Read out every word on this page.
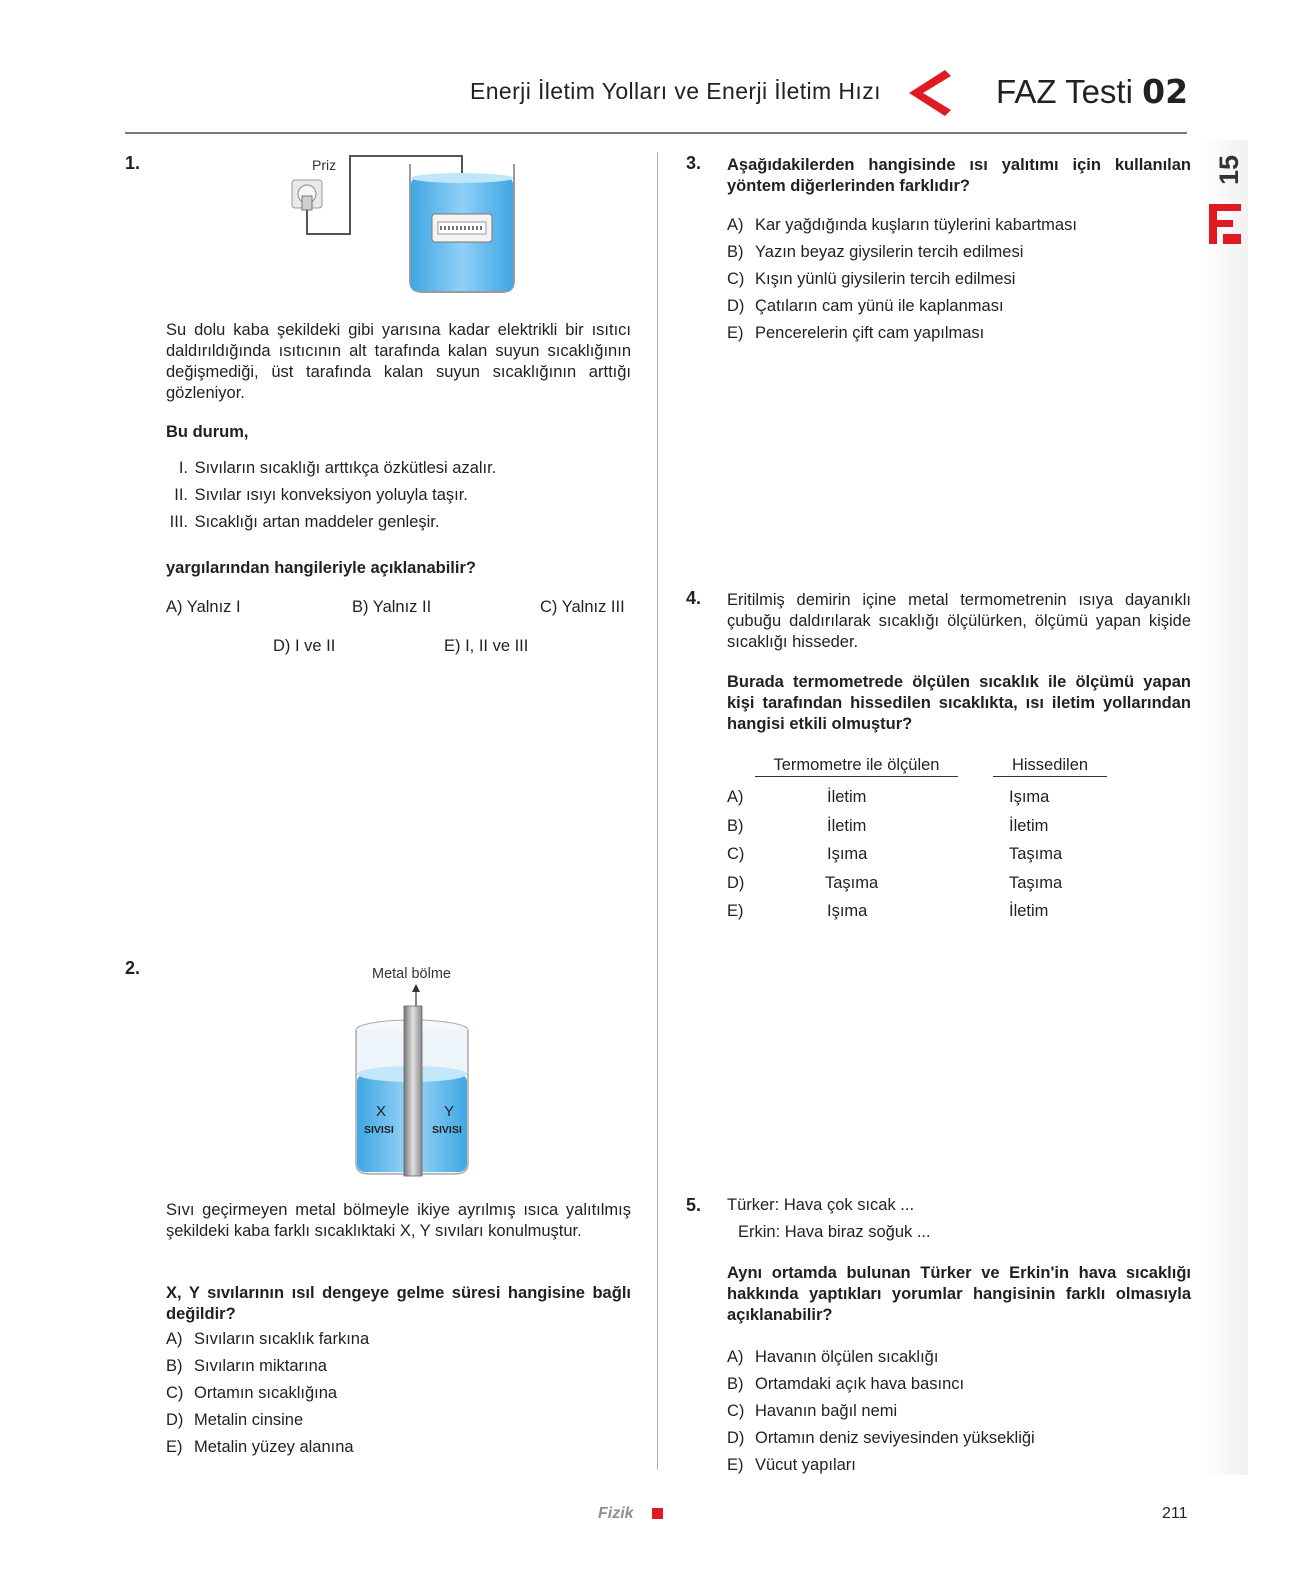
15
Enerji İletim Yolları ve Enerji İletim Hızı	FAZ Testi 02
1.	Priz

Su dolu kaba şekildeki gibi yarısına kadar elektrikli bir ısıtıcı daldırıldığında ısıtıcının alt tarafında kalan suyun sıcaklığının değişmediği, üst tarafında kalan suyun sıcaklığının arttığı gözleniyor.

Bu durum,
I. Sıvıların sıcaklığı arttıkça özkütlesi azalır.
II. Sıvılar ısıyı konveksiyon yoluyla taşır.
III. Sıcaklığı artan maddeler genleşir.
yargılarından hangileriyle açıklanabilir?
A) Yalnız I	B) Yalnız II	C) Yalnız III
D) I ve II	E) I, II ve III
2.	Metal bölme
X
SIVISI
Y
SIVISI

Sıvı geçirmeyen metal bölmeyle ikiye ayrılmış ısıca yalıtılmış şekildeki kaba farklı sıcaklıktaki X, Y sıvıları konulmuştur.

X, Y sıvılarının ısıl dengeye gelme süresi hangisine bağlı değildir?

A) Sıvıların sıcaklık farkına
B) Sıvıların miktarına
C) Ortamın sıcaklığına
D) Metalin cinsine
E) Metalin yüzey alanına
3. Aşağıdakilerden hangisinde ısı yalıtımı için kullanılan yöntem diğerlerinden farklıdır?

A) Kar yağdığında kuşların tüylerini kabartması
B) Yazın beyaz giysilerin tercih edilmesi
C) Kışın yünlü giysilerin tercih edilmesi
D) Çatıların cam yünü ile kaplanması
E) Pencerelerin çift cam yapılması
4. Eritilmiş demirin içine metal termometrenin ısıya dayanıklı çubuğu daldırılarak sıcaklığı ölçülürken, ölçümü yapan kişide sıcaklığı hisseder.

Burada termometrede ölçülen sıcaklık ile ölçümü yapan kişi tarafından hissedilen sıcaklıkta, ısı iletim yollarından hangisi etkili olmuştur?

Termometre ile ölçülen	Hissedilen
A)	İletim	Işıma
B)	İletim	İletim
C)	Işıma	Taşıma
D)	Taşıma	Taşıma
E)	Işıma	İletim
5. Türker: Hava çok sıcak ...
Erkin: Hava biraz soğuk ...

Aynı ortamda bulunan Türker ve Erkin'in hava sıcaklığı hakkında yaptıkları yorumlar hangisinin farklı olmasıyla açıklanabilir?

A) Havanın ölçülen sıcaklığı
B) Ortamdaki açık hava basıncı
C) Havanın bağıl nemi
D) Ortamın deniz seviyesinden yüksekliği
E) Vücut yapıları
Fizik	211
